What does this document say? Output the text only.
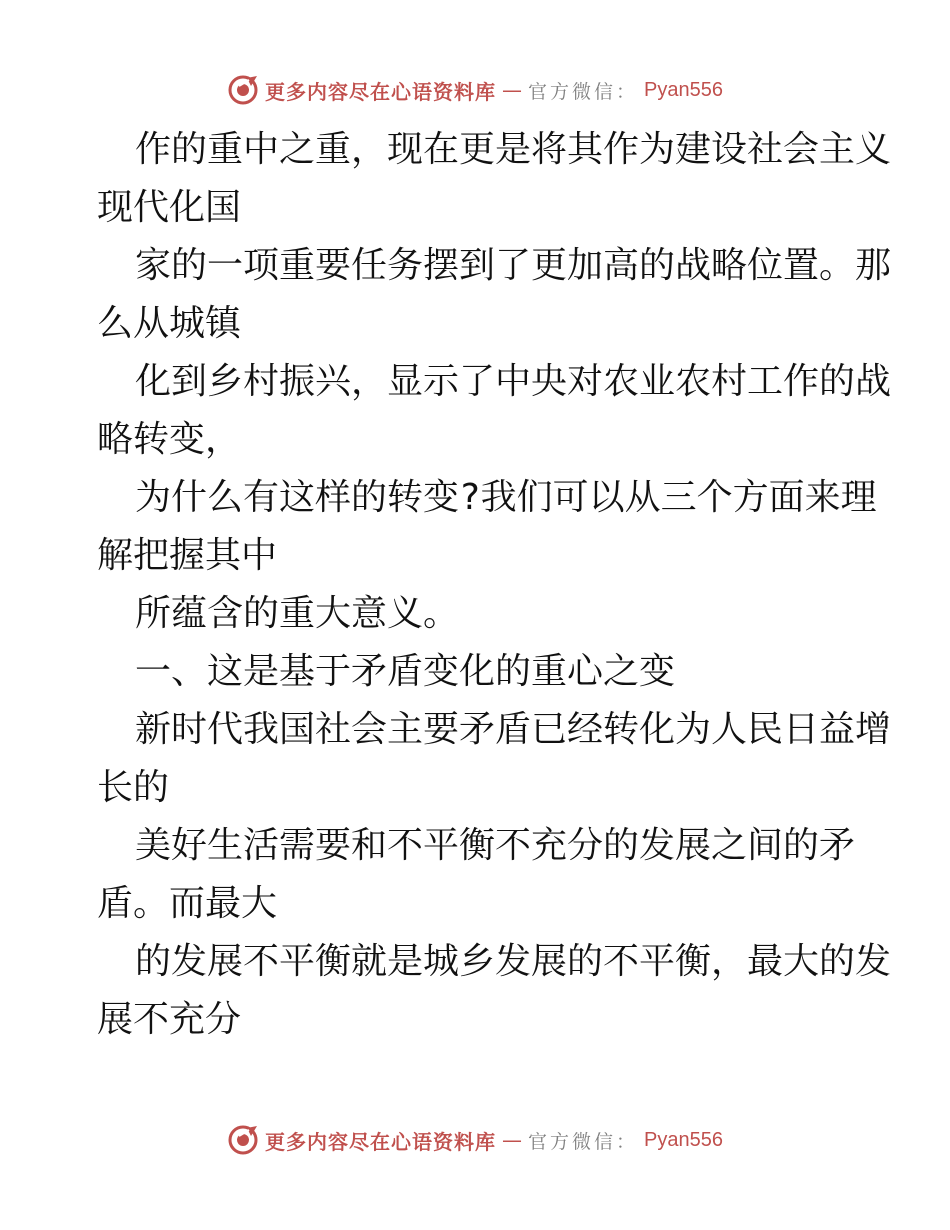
更多内容尽在心语资料库 — 官方微信： Pyan556
作的重中之重，现在更是将其作为建设社会主义
现代化国
家的一项重要任务摆到了更加高的战略位置。那
么从城镇
化到乡村振兴，显示了中央对农业农村工作的战
略转变，
为什么有这样的转变?我们可以从三个方面来理
解把握其中
所蕴含的重大意义。
一、这是基于矛盾变化的重心之变
新时代我国社会主要矛盾已经转化为人民日益增
长的
美好生活需要和不平衡不充分的发展之间的矛
盾。而最大
的发展不平衡就是城乡发展的不平衡，最大的发
展不充分
更多内容尽在心语资料库 — 官方微信： Pyan556
